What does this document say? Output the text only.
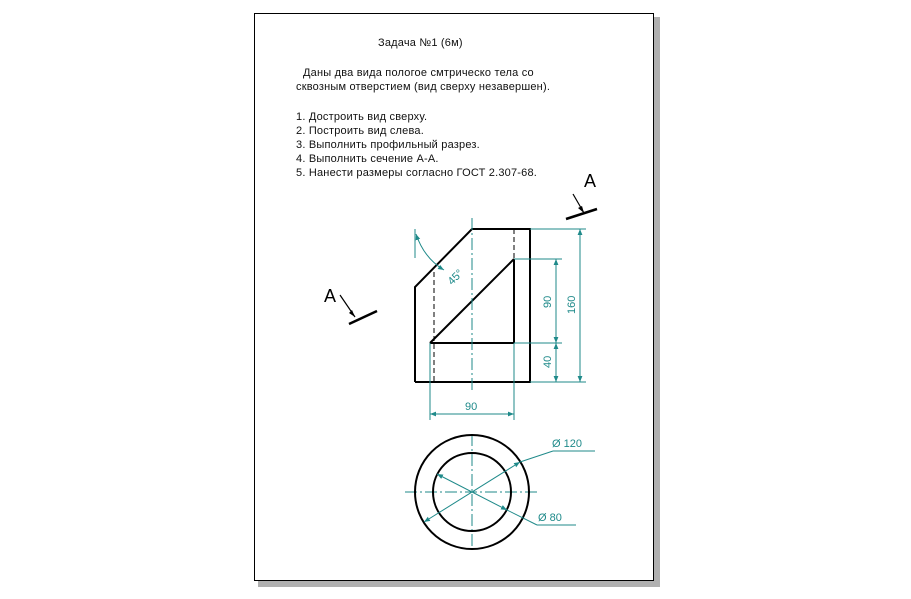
Задача №1 (6м)
Даны два вида пологое смтрическо тела со
сквозным отверстием (вид сверху незавершен).
1. Достроить вид сверху.
2. Построить вид слева.
3. Выполнить профильный разрез.
4. Выполнить сечение А-А.
5. Нанести размеры согласно ГОСТ 2.307-68.	А
А
45°
90
40
160
90
Ø 120
Ø 80
